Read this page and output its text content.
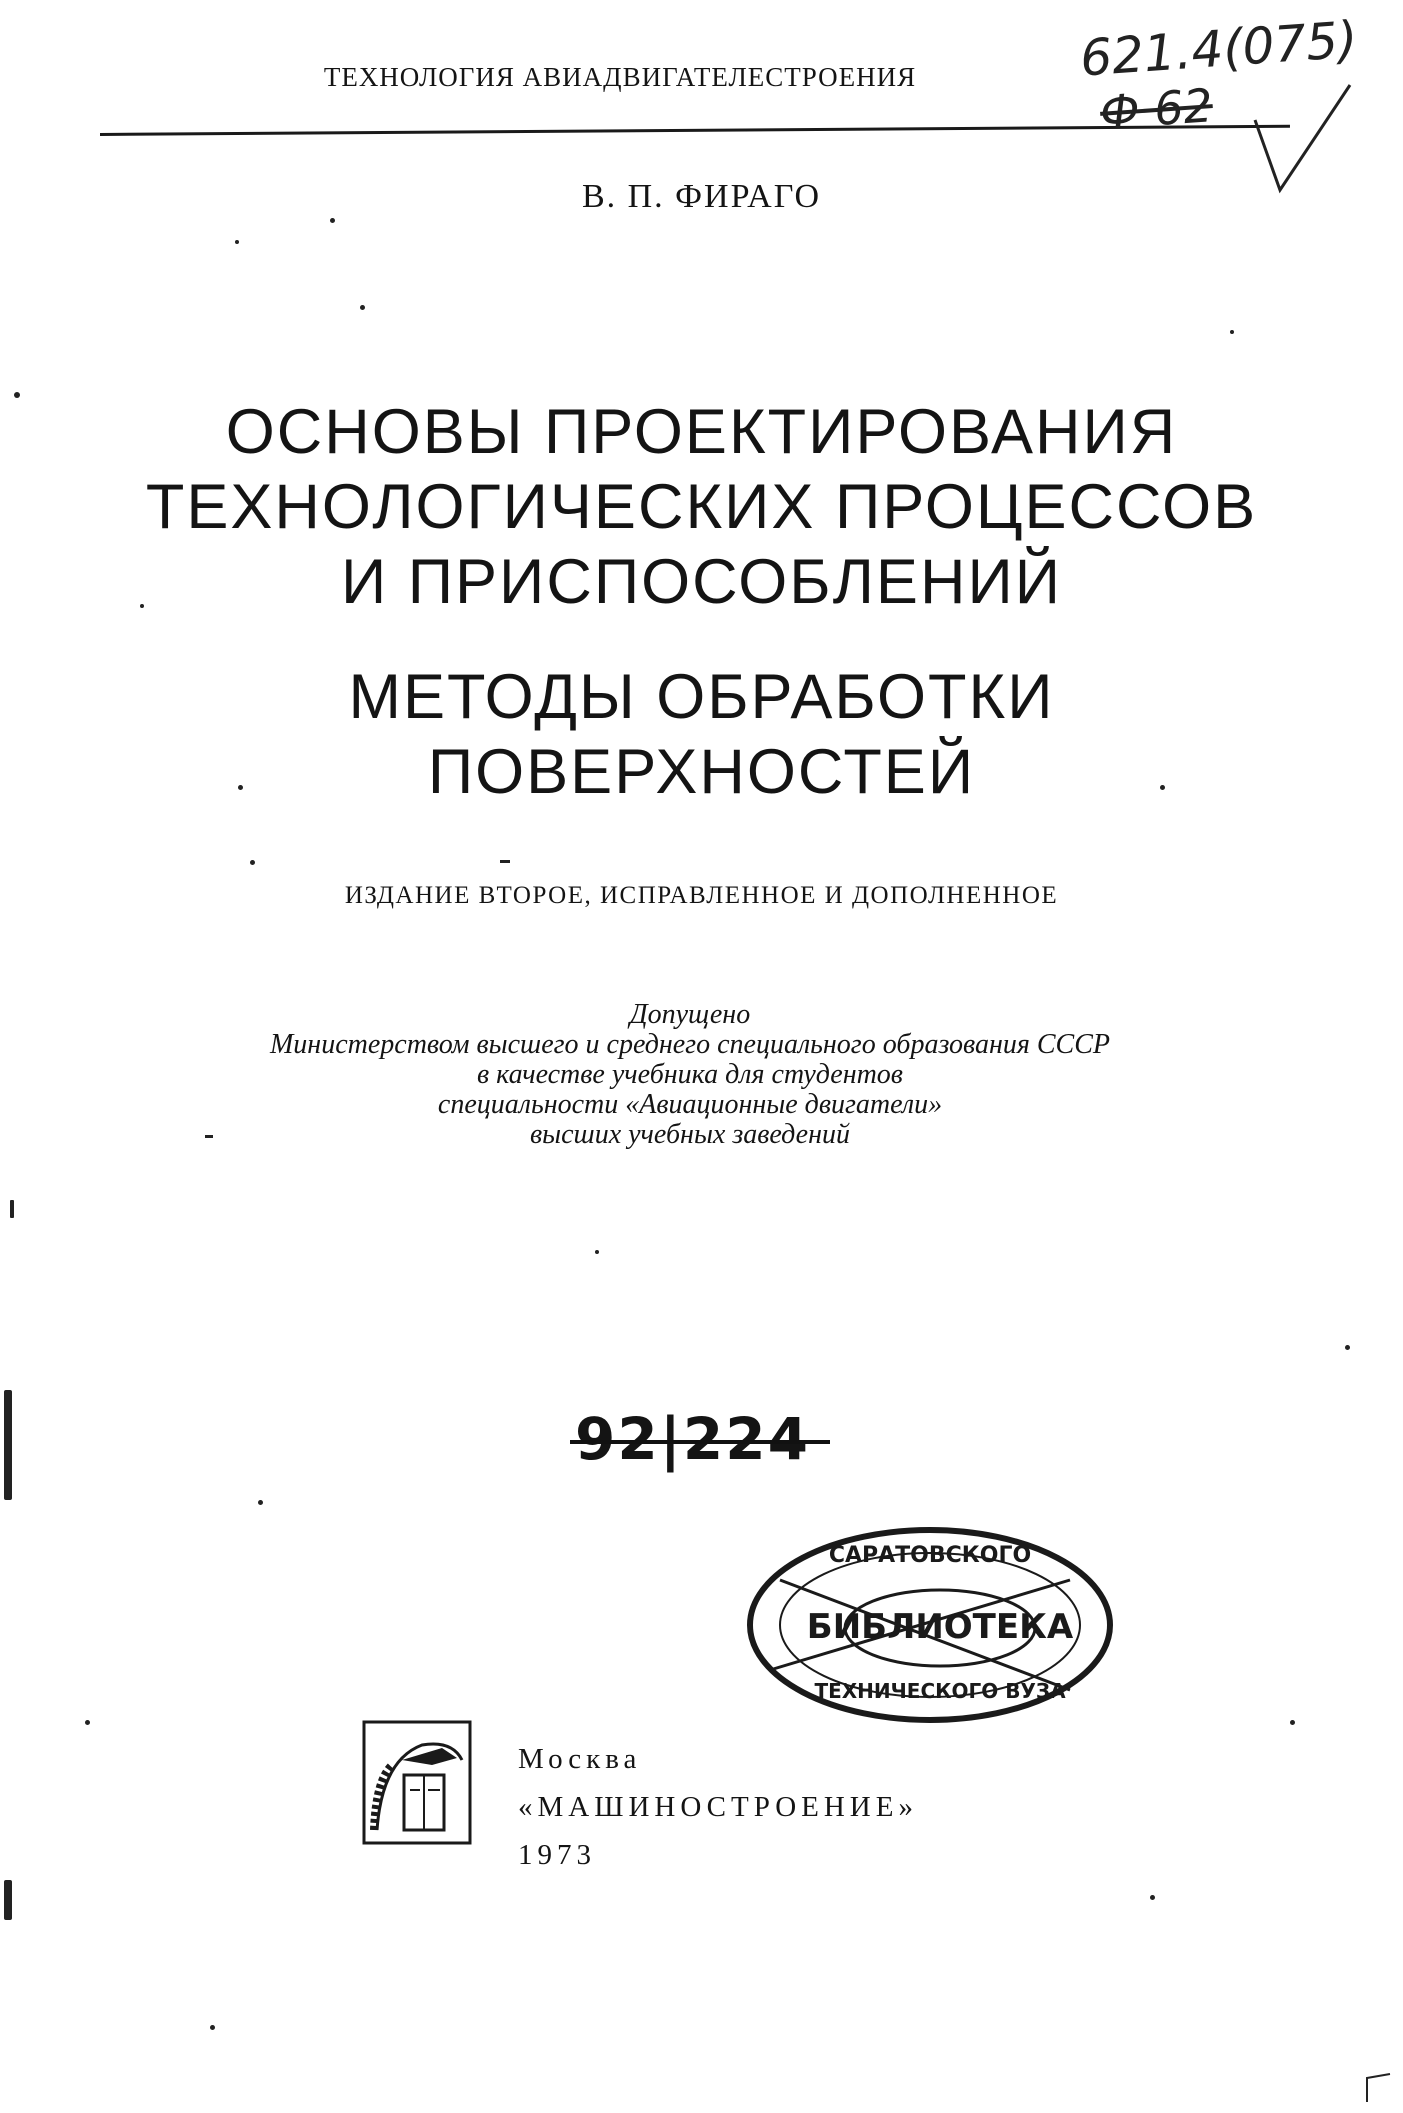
ТЕХНОЛОГИЯ АВИАДВИГАТЕЛЕСТРОЕНИЯ	621.4(075)
Ф 62
В. П. ФИРАГО
ОСНОВЫ ПРОЕКТИРОВАНИЯ
ТЕХНОЛОГИЧЕСКИХ ПРОЦЕССОВ
И ПРИСПОСОБЛЕНИЙ
МЕТОДЫ ОБРАБОТКИ
ПОВЕРХНОСТЕЙ
ИЗДАНИЕ ВТОРОЕ, ИСПРАВЛЕННОЕ И ДОПОЛНЕННОЕ
Допущено
Министерством высшего и среднего специального образования СССР
в качестве учебника для студентов
специальности «Авиационные двигатели»
высших учебных заведений
92|224
САРАТОВСКОГО
БИБЛИОТЕКА
ТЕХНИЧЕСКОГО ВУЗА
Москва
«МАШИНОСТРОЕНИЕ»
1973
